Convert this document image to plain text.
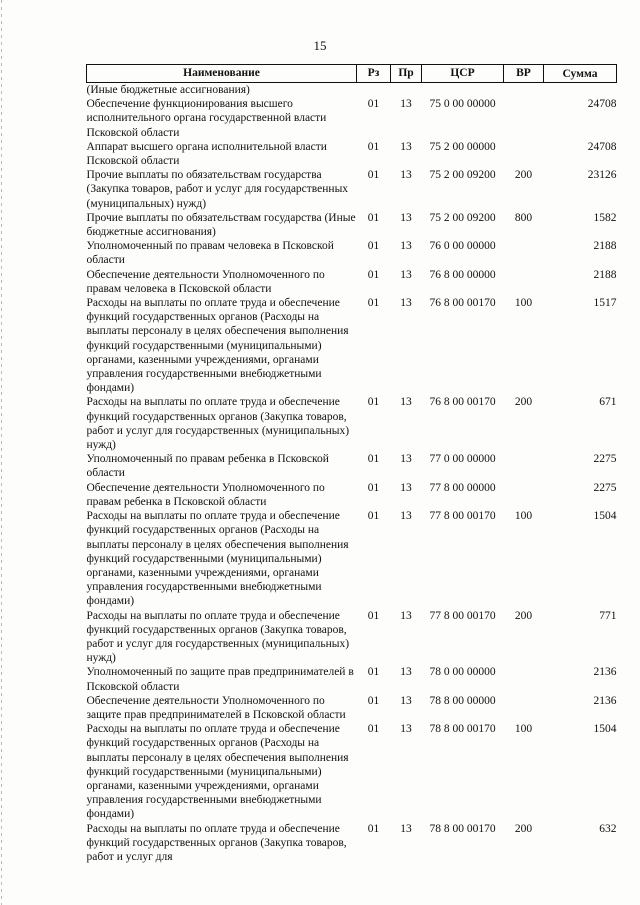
15
Наименование	Рз	Пр	ЦСР	ВР	Сумма
(Иные бюджетные ассигнования)					
Обеспечение функционирования высшего исполнительного органа государственной власти Псковской области	01	13	75 0 00 00000		24708
Аппарат высшего органа исполнительной власти Псковской области	01	13	75 2 00 00000		24708
Прочие выплаты по обязательствам государства (Закупка товаров, работ и услуг для государственных (муниципальных) нужд)	01	13	75 2 00 09200	200	23126
Прочие выплаты по обязательствам государства (Иные бюджетные ассигнования)	01	13	75 2 00 09200	800	1582
Уполномоченный по правам человека в Псковской области	01	13	76 0 00 00000		2188
Обеспечение деятельности Уполномоченного по правам человека в Псковской области	01	13	76 8 00 00000		2188
Расходы на выплаты по оплате труда и обеспечение функций государственных органов (Расходы на выплаты персоналу в целях обеспечения выполнения функций государственными (муниципальными) органами, казенными учреждениями, органами управления государственными внебюджетными фондами)	01	13	76 8 00 00170	100	1517
Расходы на выплаты по оплате труда и обеспечение функций государственных органов (Закупка товаров, работ и услуг для государственных (муниципальных) нужд)	01	13	76 8 00 00170	200	671
Уполномоченный по правам ребенка в Псковской области	01	13	77 0 00 00000		2275
Обеспечение деятельности Уполномоченного по правам ребенка в Псковской области	01	13	77 8 00 00000		2275
Расходы на выплаты по оплате труда и обеспечение функций государственных органов (Расходы на выплаты персоналу в целях обеспечения выполнения функций государственными (муниципальными) органами, казенными учреждениями, органами управления государственными внебюджетными фондами)	01	13	77 8 00 00170	100	1504
Расходы на выплаты по оплате труда и обеспечение функций государственных органов (Закупка товаров, работ и услуг для государственных (муниципальных) нужд)	01	13	77 8 00 00170	200	771
Уполномоченный по защите прав предпринимателей в Псковской области	01	13	78 0 00 00000		2136
Обеспечение деятельности Уполномоченного по защите прав предпринимателей в Псковской области	01	13	78 8 00 00000		2136
Расходы на выплаты по оплате труда и обеспечение функций государственных органов (Расходы на выплаты персоналу в целях обеспечения выполнения функций государственными (муниципальными) органами, казенными учреждениями, органами управления государственными внебюджетными фондами)	01	13	78 8 00 00170	100	1504
Расходы на выплаты по оплате труда и обеспечение функций государственных органов (Закупка товаров, работ и услуг для	01	13	78 8 00 00170	200	632
